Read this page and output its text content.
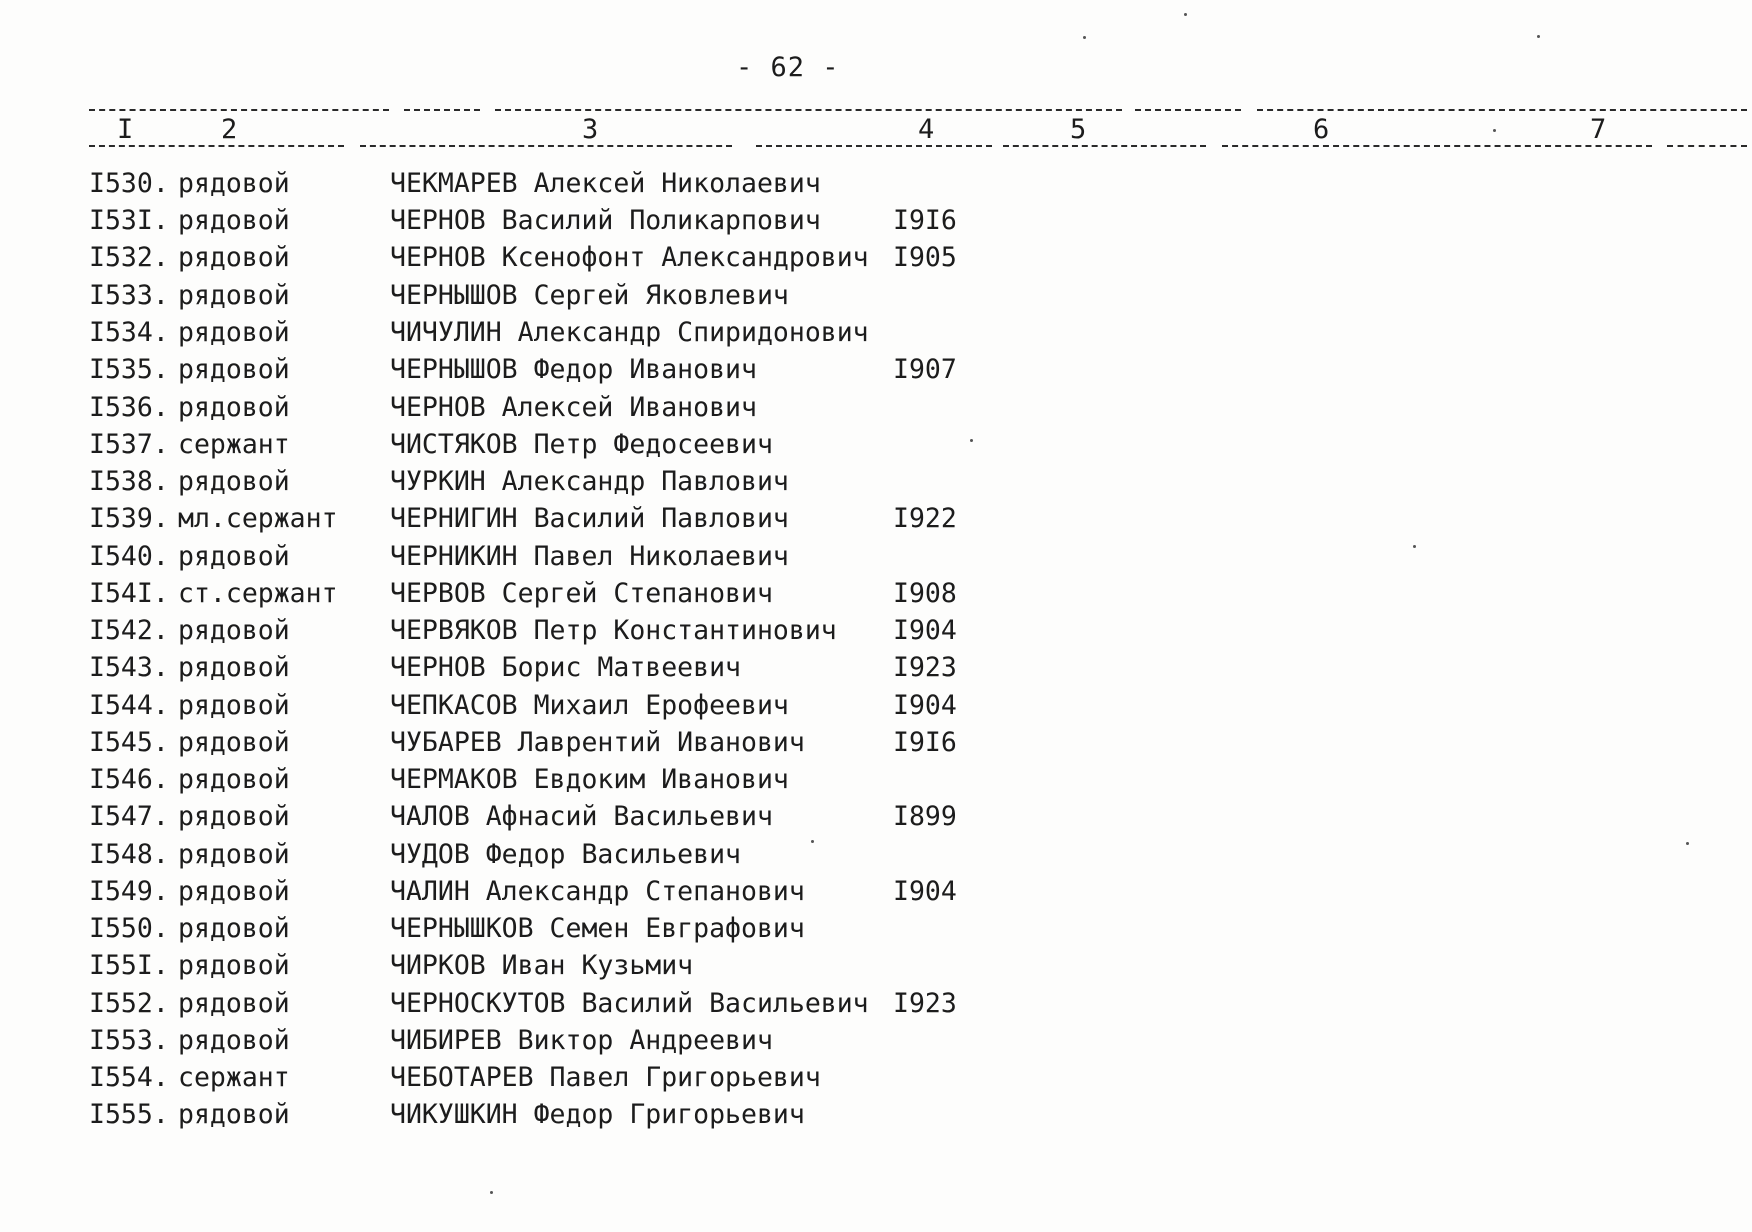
- 62 -
I	2	3	4	5	6	7
I530. рядовой	ЧЕКМАРЕВ Алексей Николаевич
I53I. рядовой	ЧЕРНОВ Василий Поликарпович	I9I6
I532. рядовой	ЧЕРНОВ Ксенофонт Александрович I905
I533. рядовой	ЧЕРНЫШОВ Сергей Яковлевич
I534. рядовой	ЧИЧУЛИН Александр Спиридонович
I535. рядовой	ЧЕРНЫШОВ Федор Иванович	I907
I536. рядовой	ЧЕРНОВ Алексей Иванович
I537. сержант	ЧИСТЯКОВ Петр Федосеевич
I538. рядовой	ЧУРКИН Александр Павлович
I539. мл.сержант ЧЕРНИГИН Василий Павлович	I922
I540. рядовой	ЧЕРНИКИН Павел Николаевич
I54I. ст.сержант ЧЕРВОВ Сергей Степанович	I908
I542. рядовой	ЧЕРВЯКОВ Петр Константинович I904
I543. рядовой	ЧЕРНОВ Борис Матвеевич	I923
I544. рядовой	ЧЕПКАСОВ Михаил Ерофеевич	I904
I545. рядовой	ЧУБАРЕВ Лаврентий Иванович	I9I6
I546. рядовой	ЧЕРМАКОВ Евдоким Иванович
I547. рядовой	ЧАЛОВ Афнасий Васильевич	I899
I548. рядовой	ЧУДОВ Федор Васильевич
I549. рядовой	ЧАЛИН Александр Степанович	I904
I550. рядовой	ЧЕРНЫШКОВ Семен Евграфович
I55I. рядовой	ЧИРКОВ Иван Кузьмич
I552. рядовой	ЧЕРНОСКУТОВ Василий Васильевич I923
I553. рядовой	ЧИБИРЕВ Виктор Андреевич
I554. сержант	ЧЕБОТАРЕВ Павел Григорьевич
I555. рядовой	ЧИКУШКИН Федор Григорьевич
